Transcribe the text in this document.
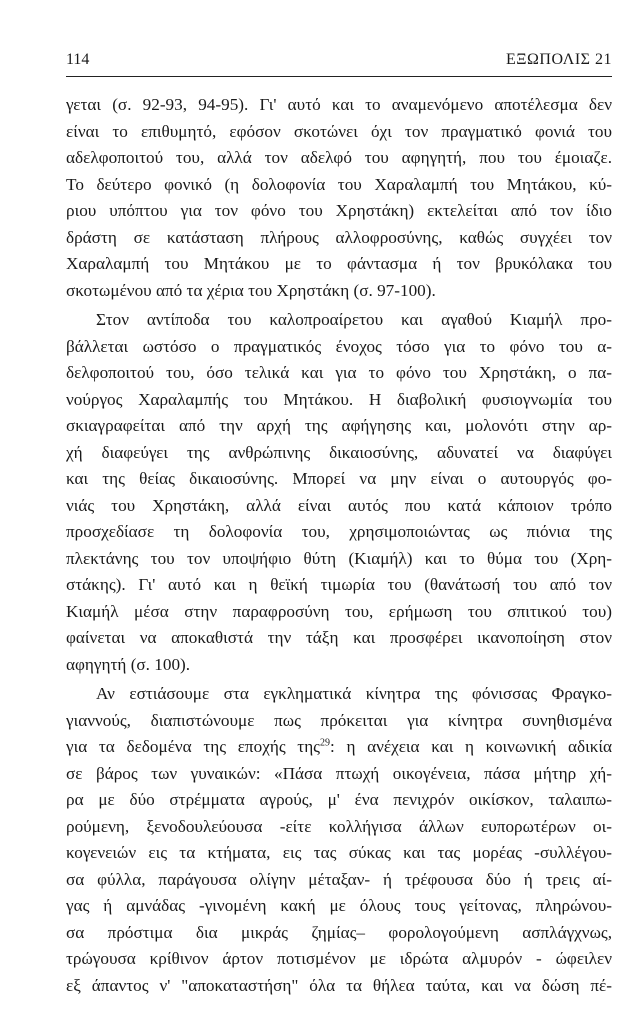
114	ΕΞΩΠΟΛΙΣ 21
γεται (σ. 92-93, 94-95). Γι' αυτό και το αναμενόμενο αποτέλεσμα δεν
είναι το επιθυμητό, εφόσον σκοτώνει όχι τον πραγματικό φονιά του
αδελφοποιτού του, αλλά τον αδελφό του αφηγητή, που του έμοιαζε.
Το δεύτερο φονικό (η δολοφονία του Χαραλαμπή του Μητάκου, κύ-
ριου υπόπτου για τον φόνο του Χρηστάκη) εκτελείται από τον ίδιο
δράστη σε κατάσταση πλήρους αλλοφροσύνης, καθώς συγχέει τον
Χαραλαμπή του Μητάκου με το φάντασμα ή τον βρυκόλακα του
σκοτωμένου από τα χέρια του Χρηστάκη (σ. 97-100).
Στον αντίποδα του καλοπροαίρετου και αγαθού Κιαμήλ προ-
βάλλεται ωστόσο ο πραγματικός ένοχος τόσο για το φόνο του α-
δελφοποιτού του, όσο τελικά και για το φόνο του Χρηστάκη, ο πα-
νούργος Χαραλαμπής του Μητάκου. Η διαβολική φυσιογνωμία του
σκιαγραφείται από την αρχή της αφήγησης και, μολονότι στην αρ-
χή διαφεύγει της ανθρώπινης δικαιοσύνης, αδυνατεί να διαφύγει
και της θείας δικαιοσύνης. Μπορεί να μην είναι ο αυτουργός φο-
νιάς του Χρηστάκη, αλλά είναι αυτός που κατά κάποιον τρόπο
προσχεδίασε τη δολοφονία του, χρησιμοποιώντας ως πιόνια της
πλεκτάνης του τον υποψήφιο θύτη (Κιαμήλ) και το θύμα του (Χρη-
στάκης). Γι' αυτό και η θεϊκή τιμωρία του (θανάτωσή του από τον
Κιαμήλ μέσα στην παραφροσύνη του, ερήμωση του σπιτικού του)
φαίνεται να αποκαθιστά την τάξη και προσφέρει ικανοποίηση στον
αφηγητή (σ. 100).
Αν εστιάσουμε στα εγκληματικά κίνητρα της φόνισσας Φραγκο-
γιαννούς, διαπιστώνουμε πως πρόκειται για κίνητρα συνηθισμένα
για τα δεδομένα της εποχής της$^{29}$: η ανέχεια και η κοινωνική αδικία
σε βάρος των γυναικών: «Πάσα πτωχή οικογένεια, πάσα μήτηρ χή-
ρα με δύο στρέμματα αγρούς, μ' ένα πενιχρόν οικίσκον, ταλαιπω-
ρούμενη, ξενοδουλεύουσα -είτε κολλήγισα άλλων ευπορωτέρων οι-
κογενειών εις τα κτήματα, εις τας σύκας και τας μορέας -συλλέγου-
σα φύλλα, παράγουσα ολίγην μέταξαν- ή τρέφουσα δύο ή τρεις αί-
γας ή αμνάδας -γινομένη κακή με όλους τους γείτονας, πληρώνου-
σα πρόστιμα δια μικράς ζημίας– φορολογούμενη ασπλάγχνως,
τρώγουσα κρίθινον άρτον ποτισμένον με ιδρώτα αλμυρόν - ώφειλεν
εξ άπαντος ν' "αποκαταστήση" όλα τα θήλεα ταύτα, και να δώση πέ-
